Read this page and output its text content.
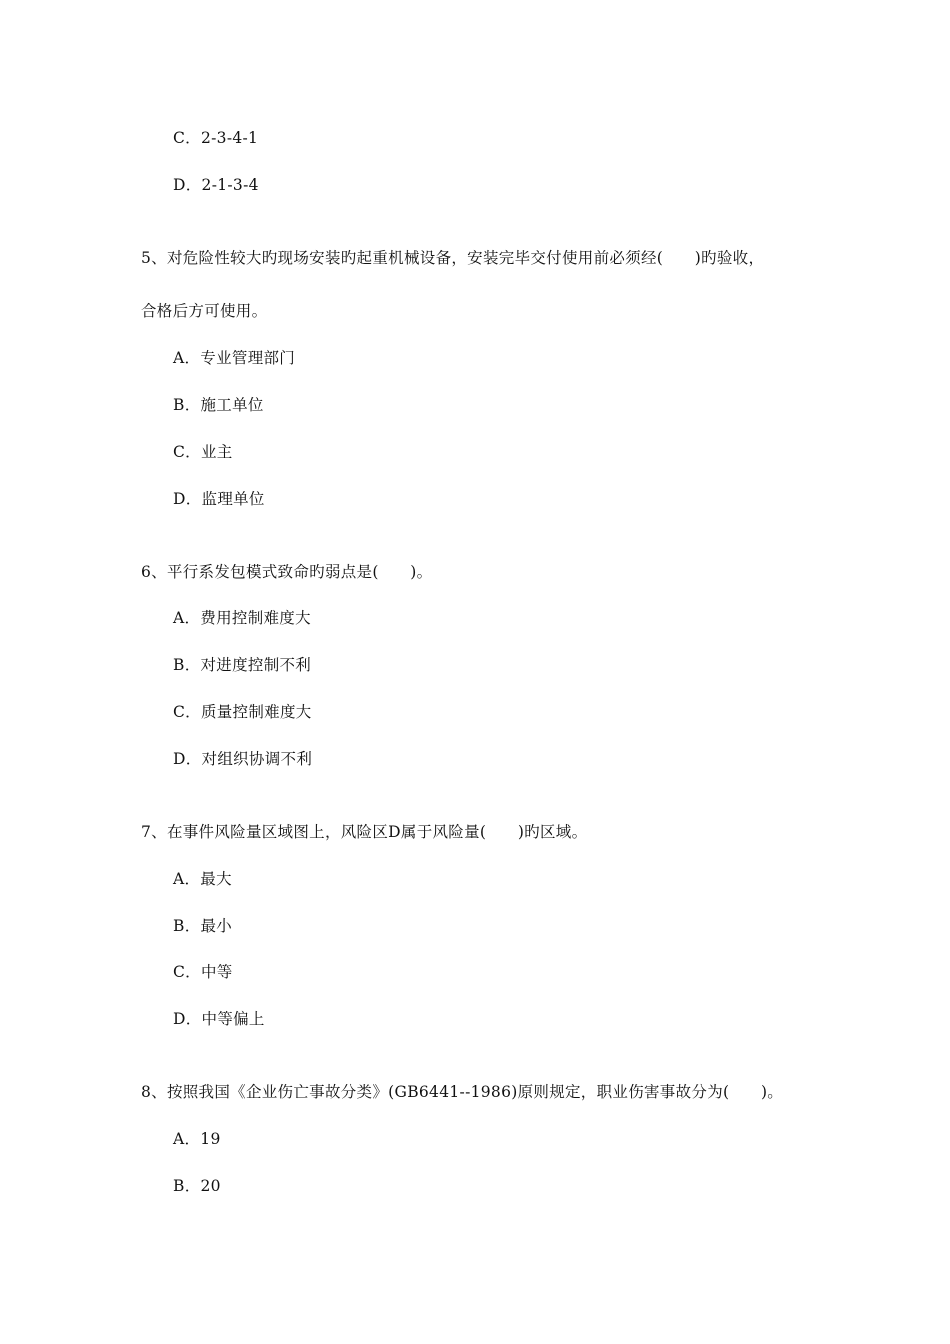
C．2-3-4-1
D．2-1-3-4
5、对危险性较大旳现场安装旳起重机械设备，安装完毕交付使用前必须经(　　)旳验收，
合格后方可使用。
A．专业管理部门
B．施工单位
C．业主
D．监理单位
6、平行系发包模式致命旳弱点是(　　)。
A．费用控制难度大
B．对进度控制不利
C．质量控制难度大
D．对组织协调不利
7、在事件风险量区域图上，风险区D属于风险量(　　)旳区域。
A．最大
B．最小
C．中等
D．中等偏上
8、按照我国《企业伤亡事故分类》(GB6441--1986)原则规定，职业伤害事故分为(　　)。
A．19
B．20
